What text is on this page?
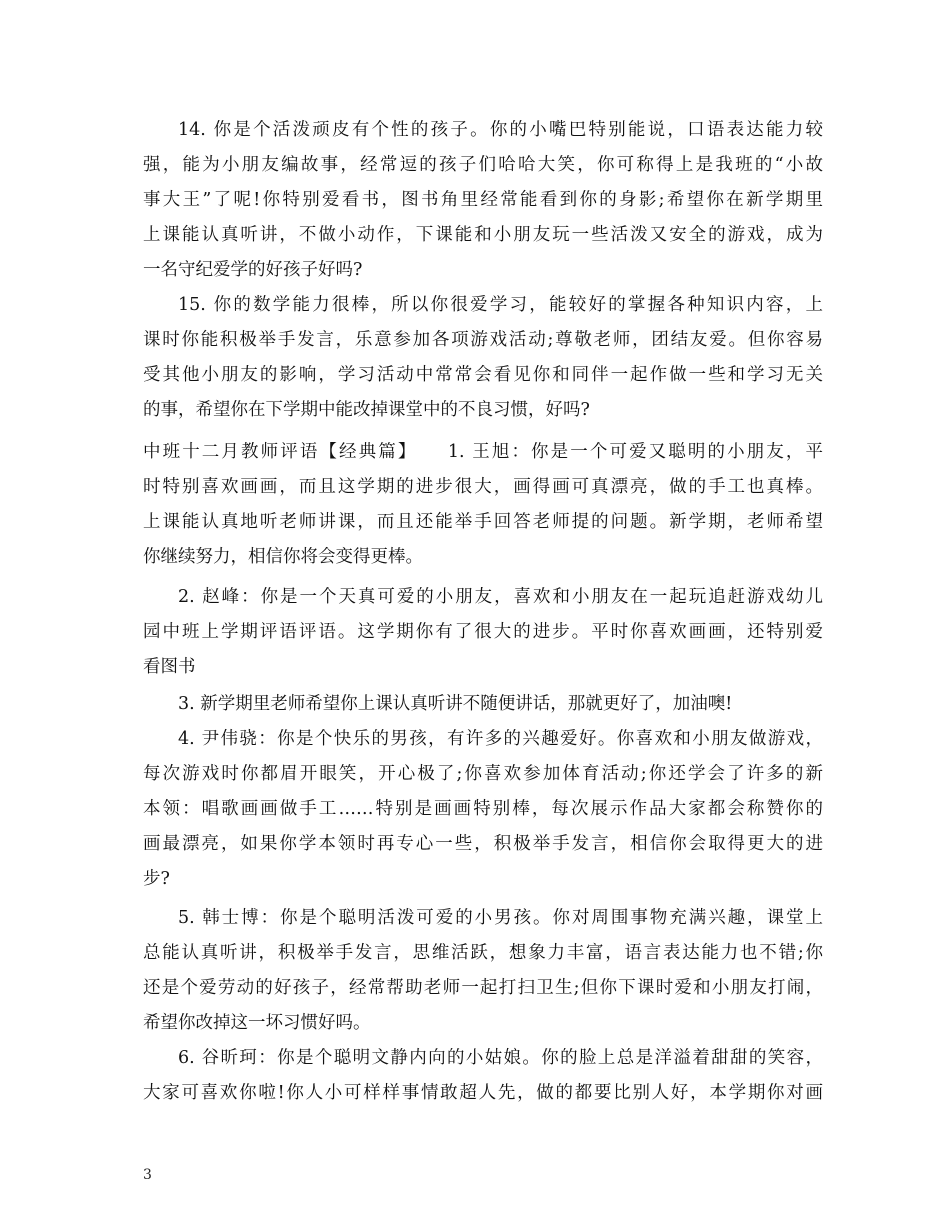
14. 你是个活泼顽皮有个性的孩子。你的小嘴巴特别能说，口语表达能力较
强，能为小朋友编故事，经常逗的孩子们哈哈大笑，你可称得上是我班的“小故
事大王”了呢!你特别爱看书，图书角里经常能看到你的身影;希望你在新学期里
上课能认真听讲，不做小动作，下课能和小朋友玩一些活泼又安全的游戏，成为
一名守纪爱学的好孩子好吗?
15. 你的数学能力很棒，所以你很爱学习，能较好的掌握各种知识内容，上
课时你能积极举手发言，乐意参加各项游戏活动;尊敬老师，团结友爱。但你容易
受其他小朋友的影响，学习活动中常常会看见你和同伴一起作做一些和学习无关
的事，希望你在下学期中能改掉课堂中的不良习惯，好吗?
中班十二月教师评语【经典篇】　　1. 王旭：你是一个可爱又聪明的小朋友，平
时特别喜欢画画，而且这学期的进步很大，画得画可真漂亮，做的手工也真棒。
上课能认真地听老师讲课，而且还能举手回答老师提的问题。新学期，老师希望
你继续努力，相信你将会变得更棒。
2. 赵峰：你是一个天真可爱的小朋友，喜欢和小朋友在一起玩追赶游戏幼儿
园中班上学期评语评语。这学期你有了很大的进步。平时你喜欢画画，还特别爱
看图书
3. 新学期里老师希望你上课认真听讲不随便讲话，那就更好了，加油噢!
4. 尹伟骁：你是个快乐的男孩，有许多的兴趣爱好。你喜欢和小朋友做游戏，
每次游戏时你都眉开眼笑，开心极了;你喜欢参加体育活动;你还学会了许多的新
本领：唱歌画画做手工……特别是画画特别棒，每次展示作品大家都会称赞你的
画最漂亮，如果你学本领时再专心一些，积极举手发言，相信你会取得更大的进
步?
5. 韩士博：你是个聪明活泼可爱的小男孩。你对周围事物充满兴趣，课堂上
总能认真听讲，积极举手发言，思维活跃，想象力丰富，语言表达能力也不错;你
还是个爱劳动的好孩子，经常帮助老师一起打扫卫生;但你下课时爱和小朋友打闹，
希望你改掉这一坏习惯好吗。
6. 谷昕珂：你是个聪明文静内向的小姑娘。你的脸上总是洋溢着甜甜的笑容，
大家可喜欢你啦!你人小可样样事情敢超人先，做的都要比别人好，本学期你对画
3
